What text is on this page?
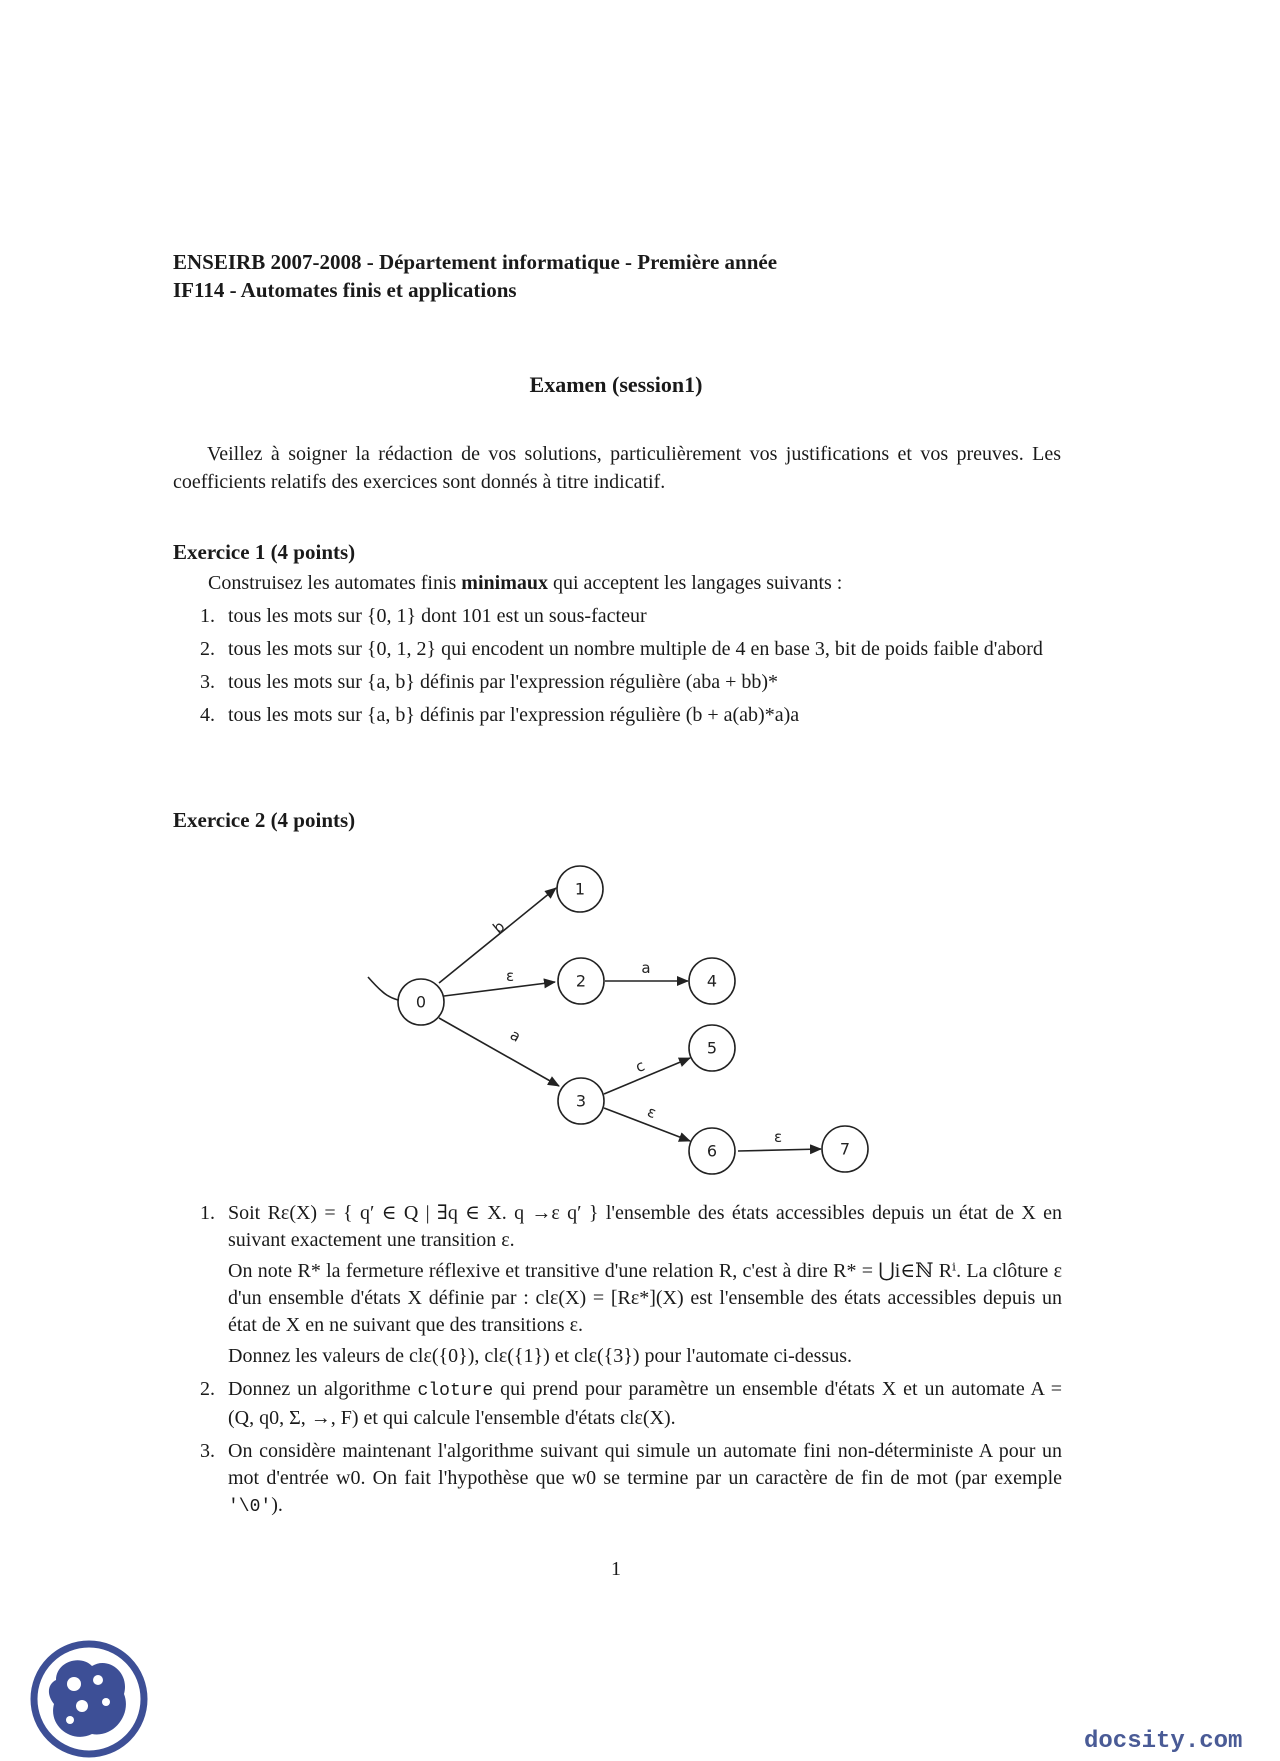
ENSEIRB 2007-2008 - Département informatique - Première année
IF114 - Automates finis et applications
Examen (session1)
Veillez à soigner la rédaction de vos solutions, particulièrement vos justifications et vos preuves. Les coefficients relatifs des exercices sont donnés à titre indicatif.
Exercice 1 (4 points)
Construisez les automates finis minimaux qui acceptent les langages suivants :
1. tous les mots sur {0, 1} dont 101 est un sous-facteur
2. tous les mots sur {0, 1, 2} qui encodent un nombre multiple de 4 en base 3, bit de poids faible d'abord
3. tous les mots sur {a, b} définis par l'expression régulière (aba + bb)*
4. tous les mots sur {a, b} définis par l'expression régulière (b + a(ab)*a)a
Exercice 2 (4 points)
0
1
2
3
4
5
6	7
b
ε
a
a
c
ε
ε
1. Soit Rε(X) = { q′ ∈ Q | ∃q ∈ X. q →ε q′ } l'ensemble des états accessibles depuis un état de X en suivant exactement une transition ε.

On note R* la fermeture réflexive et transitive d'une relation R, c'est à dire R* = ⋃i∈ℕ Rⁱ. La clôture ε d'un ensemble d'états X définie par : clε(X) = [Rε*](X) est l'ensemble des états accessibles depuis un état de X en ne suivant que des transitions ε.

Donnez les valeurs de clε({0}), clε({1}) et clε({3}) pour l'automate ci-dessus.

2. Donnez un algorithme cloture qui prend pour paramètre un ensemble d'états X et un automate A = (Q, q0, Σ, →, F) et qui calcule l'ensemble d'états clε(X).
3. On considère maintenant l'algorithme suivant qui simule un automate fini non-déterministe A pour un mot d'entrée w0. On fait l'hypothèse que w0 se termine par un caractère de fin de mot (par exemple '\0').
1
docsity.com
